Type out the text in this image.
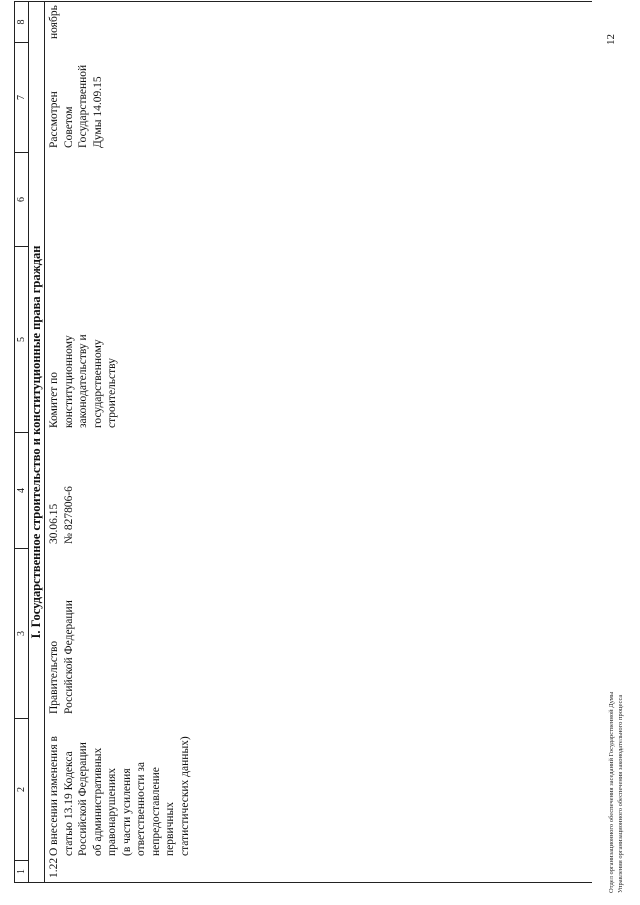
1
2
3
4
5
6
7
8
I. Государственное строительство и конституционные права граждан
1.22
О внесении изменения в
статью 13.19 Кодекса
Российской Федерации
об административных
правонарушениях
(в части усиления
ответственности за
непредоставление
первичных
статистических данных)
Правительство
Российской Федерации
30.06.15
№ 827806-6
Комитет по
конституционному
законодательству и
государственному
строительству
Рассмотрен
Советом
Государственной
Думы 14.09.15
ноябрь
Отдел организационного обеспечения заседаний Государственной Думы Управления организационного обеспечения законодательного процесса
12
